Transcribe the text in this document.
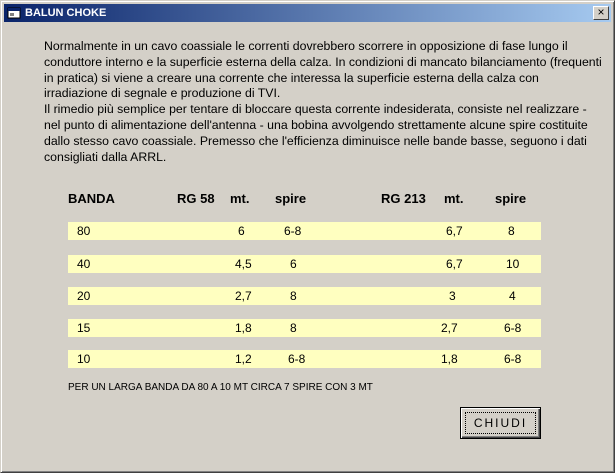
BALUN CHOKE	×

Normalmente in un cavo coassiale le correnti dovrebbero scorrere in opposizione di fase lungo il conduttore interno e la superficie esterna della calza. In condizioni di mancato bilanciamento (frequenti in pratica) si viene a creare una corrente che interessa la superficie esterna della calza con irradiazione di segnale e produzione di TVI.

Il rimedio più semplice per tentare di bloccare questa corrente indesiderata, consiste nel realizzare - nel punto di alimentazione dell'antenna - una bobina avvolgendo strettamente alcune spire costituite dallo stesso cavo coassiale. Premesso che l'efficienza diminuisce nelle bande basse, seguono i dati consigliati dalla ARRL.

BANDA	RG 58 mt. spire	RG 213 mt. spire
80	6	6-8	6,7	8
40	4,5	6	6,7	10
20	2,7	8	3	4
15	1,8	8	2,7	6-8
10	1,2	6-8	1,8	6-8
PER UN LARGA BANDA DA 80 A 10 MT CIRCA 7 SPIRE CON 3 MT
CHIUDI
